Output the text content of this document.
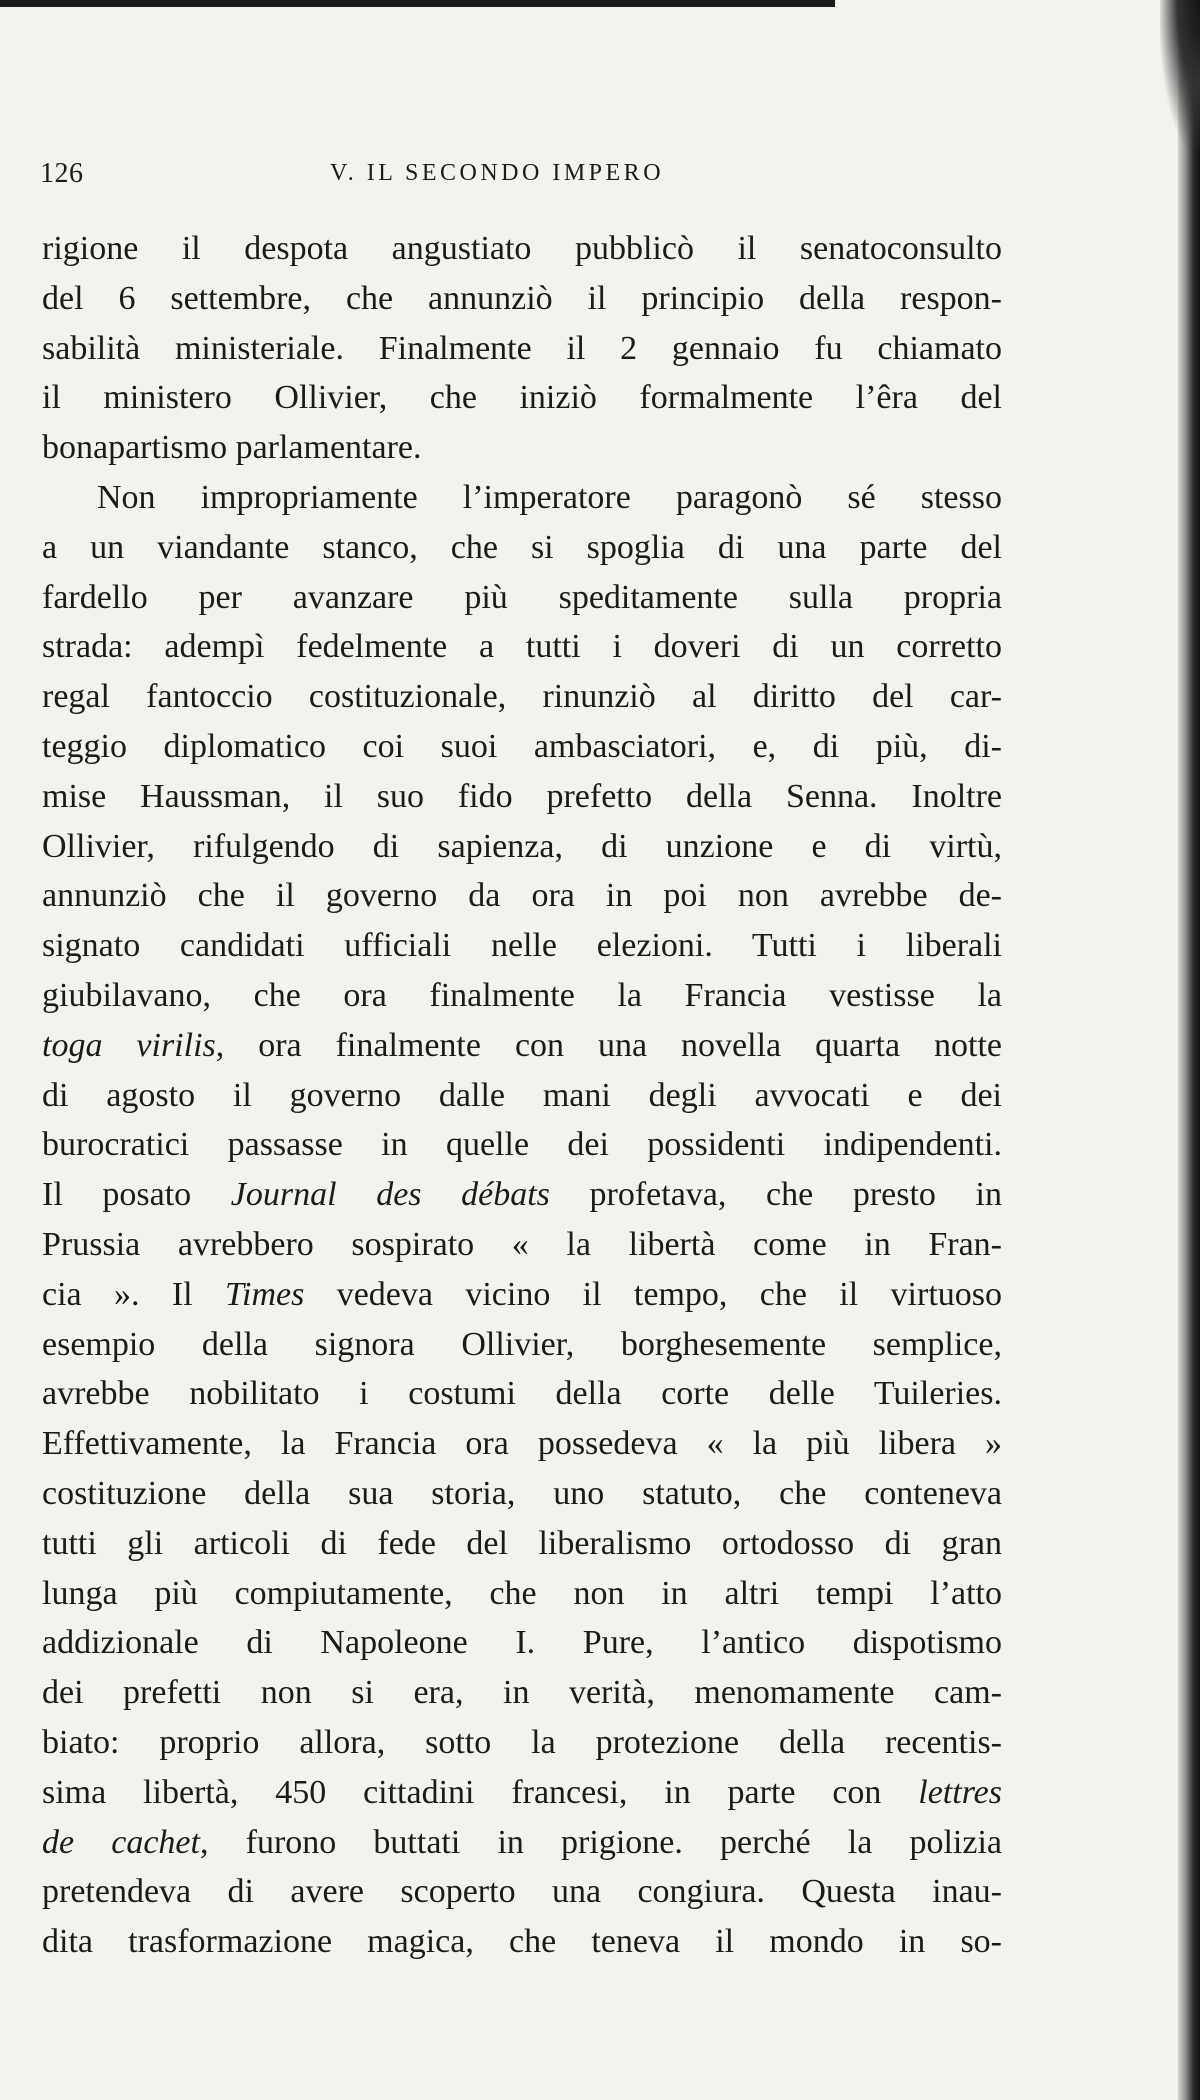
126	V. IL SECONDO IMPERO
rigione il despota angustiato pubblicò il senatoconsulto
del 6 settembre, che annunziò il principio della respon-
sabilità ministeriale. Finalmente il 2 gennaio fu chiamato
il ministero Ollivier, che iniziò formalmente l’êra del
bonapartismo parlamentare.
Non impropriamente l’imperatore paragonò sé stesso
a un viandante stanco, che si spoglia di una parte del
fardello per avanzare più speditamente sulla propria
strada: adempì fedelmente a tutti i doveri di un corretto
regal fantoccio costituzionale, rinunziò al diritto del car-
teggio diplomatico coi suoi ambasciatori, e, di più, di-
mise Haussman, il suo fido prefetto della Senna. Inoltre
Ollivier, rifulgendo di sapienza, di unzione e di virtù,
annunziò che il governo da ora in poi non avrebbe de-
signato candidati ufficiali nelle elezioni. Tutti i liberali
giubilavano, che ora finalmente la Francia vestisse la
toga virilis, ora finalmente con una novella quarta notte
di agosto il governo dalle mani degli avvocati e dei
burocratici passasse in quelle dei possidenti indipendenti.
Il posato Journal des débats profetava, che presto in
Prussia avrebbero sospirato « la libertà come in Fran-
cia ». Il Times vedeva vicino il tempo, che il virtuoso
esempio della signora Ollivier, borghesemente semplice,
avrebbe nobilitato i costumi della corte delle Tuileries.
Effettivamente, la Francia ora possedeva « la più libera »
costituzione della sua storia, uno statuto, che conteneva
tutti gli articoli di fede del liberalismo ortodosso di gran
lunga più compiutamente, che non in altri tempi l’atto
addizionale di Napoleone I. Pure, l’antico dispotismo
dei prefetti non si era, in verità, menomamente cam-
biato: proprio allora, sotto la protezione della recentis-
sima libertà, 450 cittadini francesi, in parte con lettres
de cachet, furono buttati in prigione. perché la polizia
pretendeva di avere scoperto una congiura. Questa inau-
dita trasformazione magica, che teneva il mondo in so-
